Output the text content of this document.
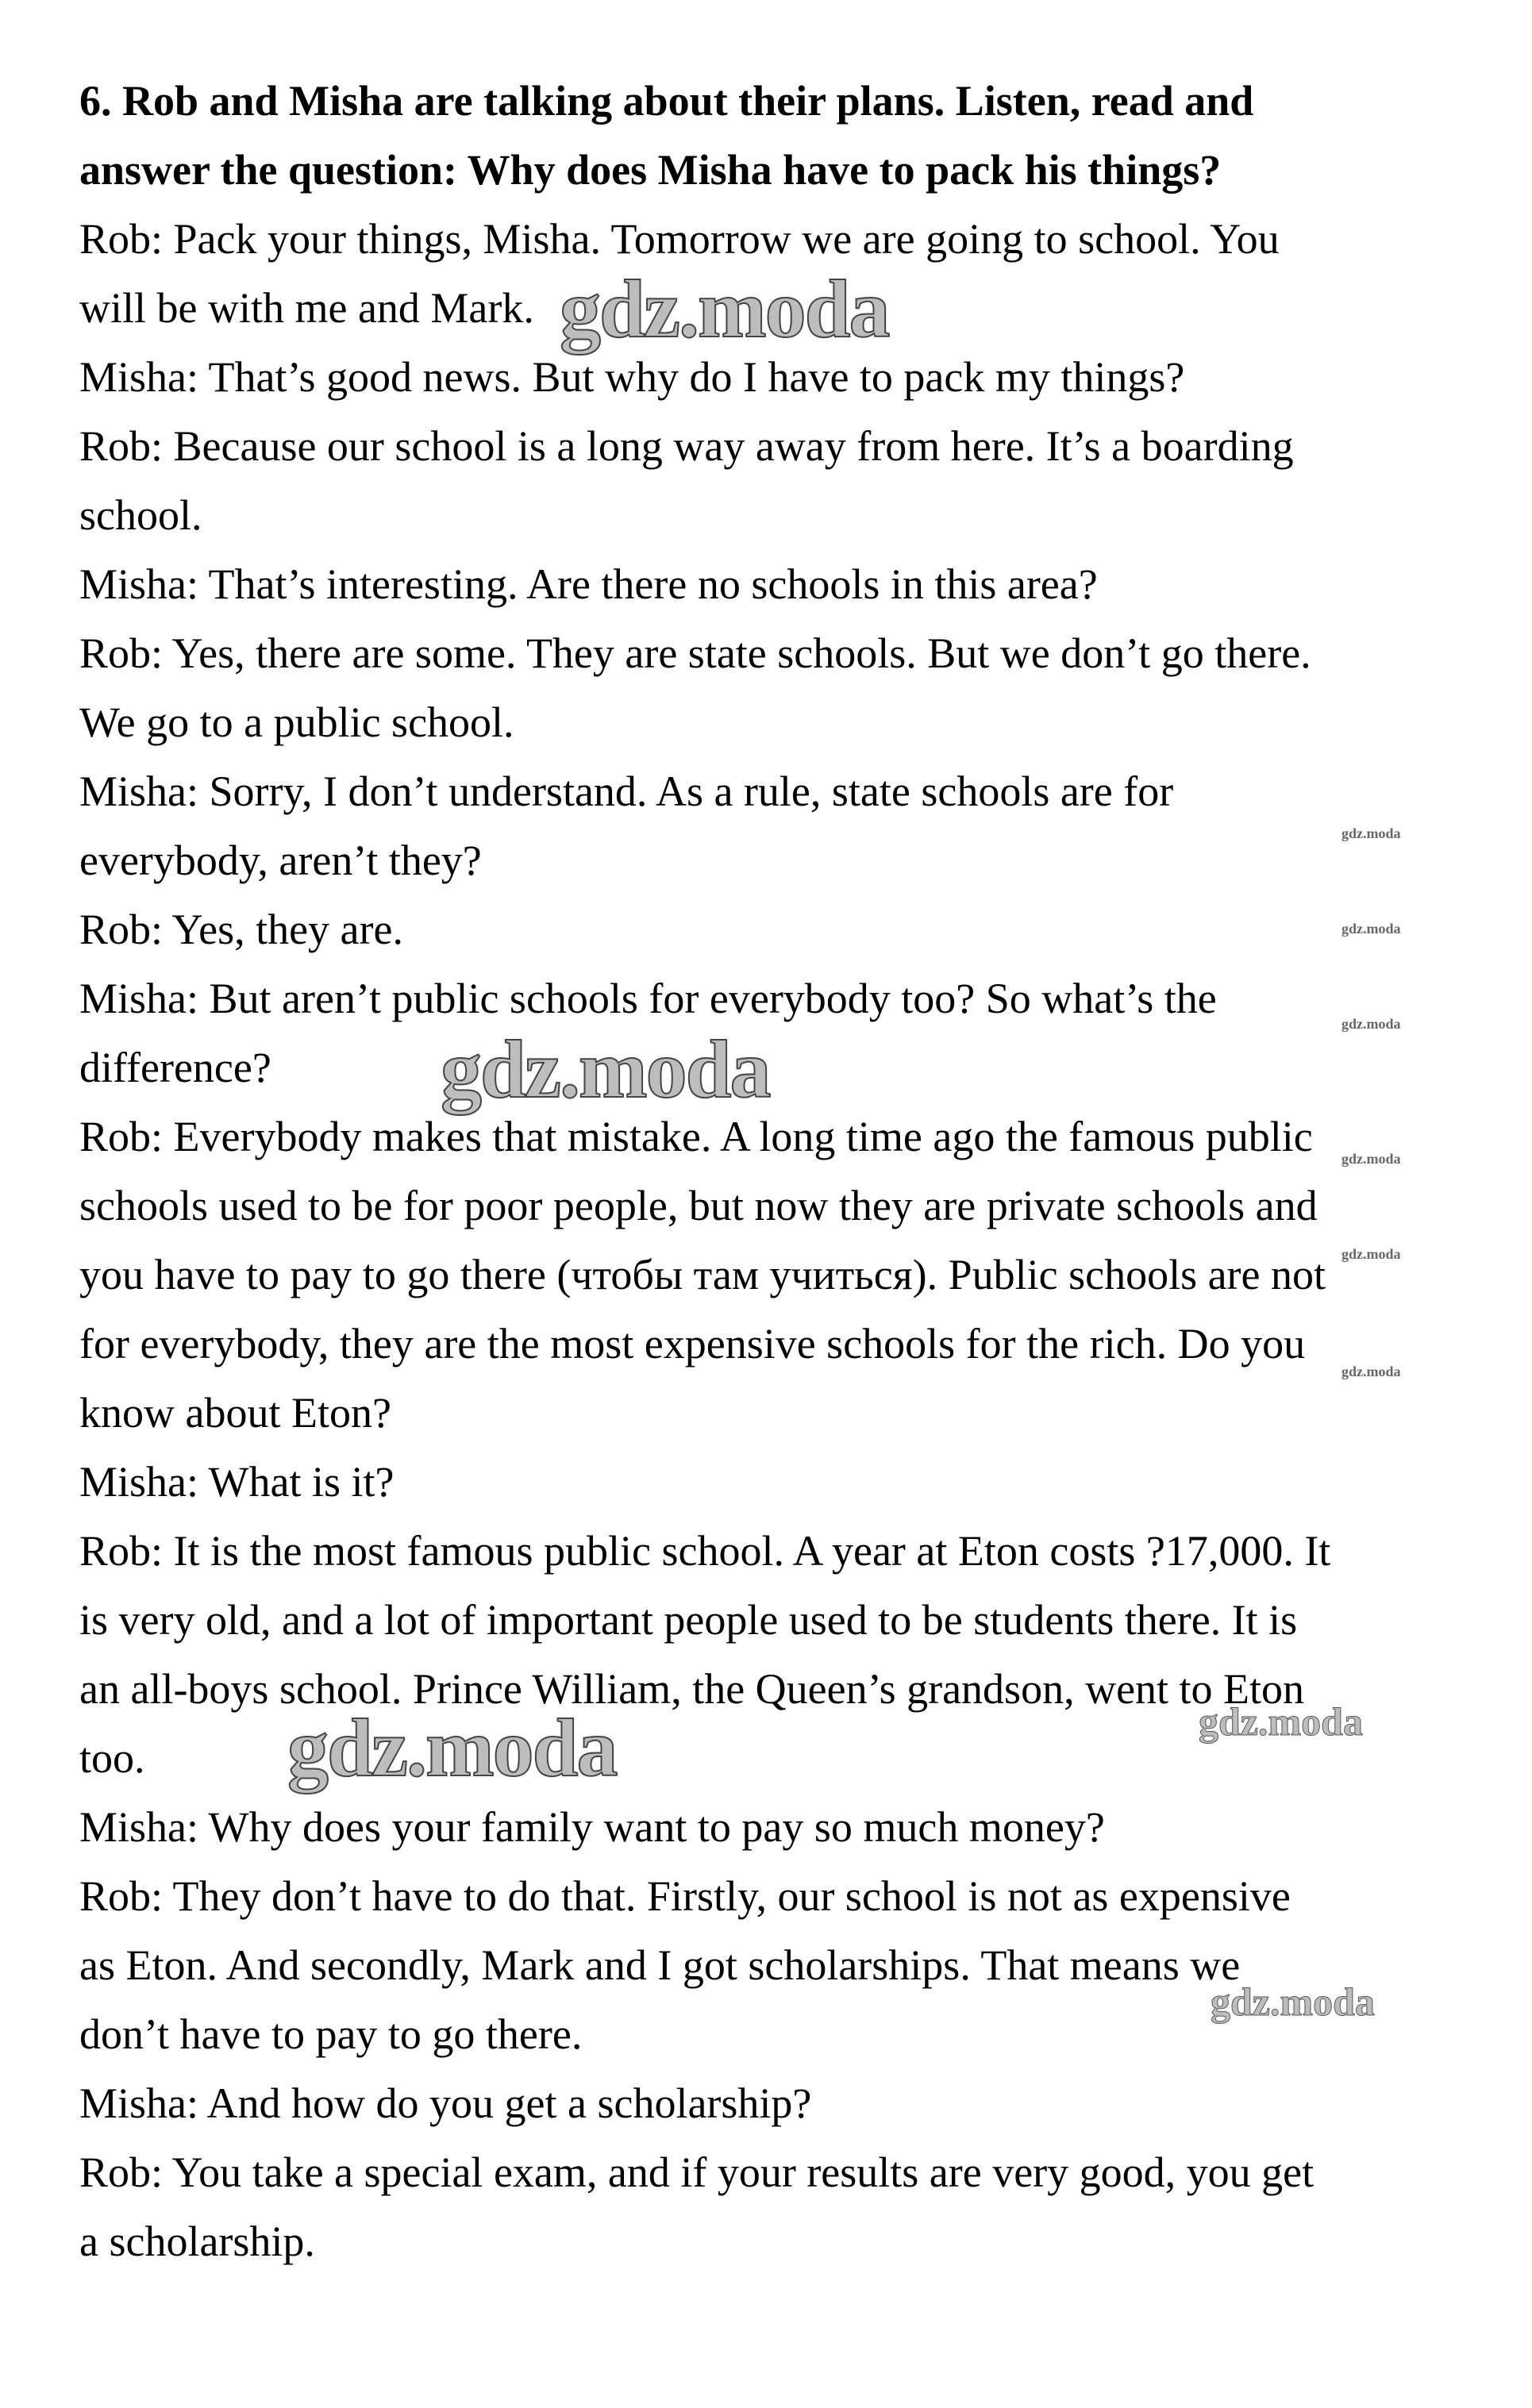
6. Rob and Misha are talking about their plans. Listen, read and
answer the question: Why does Misha have to pack his things?
Rob: Pack your things, Misha. Tomorrow we are going to school. You
will be with me and Mark.
Misha: That’s good news. But why do I have to pack my things?
Rob: Because our school is a long way away from here. It’s a boarding
school.
Misha: That’s interesting. Are there no schools in this area?
Rob: Yes, there are some. They are state schools. But we don’t go there.
We go to a public school.
Misha: Sorry, I don’t understand. As a rule, state schools are for
everybody, aren’t they?
Rob: Yes, they are.
Misha: But aren’t public schools for everybody too? So what’s the
difference?
Rob: Everybody makes that mistake. A long time ago the famous public
schools used to be for poor people, but now they are private schools and
you have to pay to go there (чтобы там учиться). Public schools are not
for everybody, they are the most expensive schools for the rich. Do you
know about Eton?
Misha: What is it?
Rob: It is the most famous public school. A year at Eton costs ?17,000. It
is very old, and a lot of important people used to be students there. It is
an all-boys school. Prince William, the Queen’s grandson, went to Eton
too.
Misha: Why does your family want to pay so much money?
Rob: They don’t have to do that. Firstly, our school is not as expensive
as Eton. And secondly, Mark and I got scholarships. That means we
don’t have to pay to go there.
Misha: And how do you get a scholarship?
Rob: You take a special exam, and if your results are very good, you get
a scholarship.
gdz.moda
gdz.moda
gdz.moda	gdz.moda
gdz.moda
gdz.moda
gdz.moda
gdz.moda
gdz.moda
gdz.moda
gdz.moda
